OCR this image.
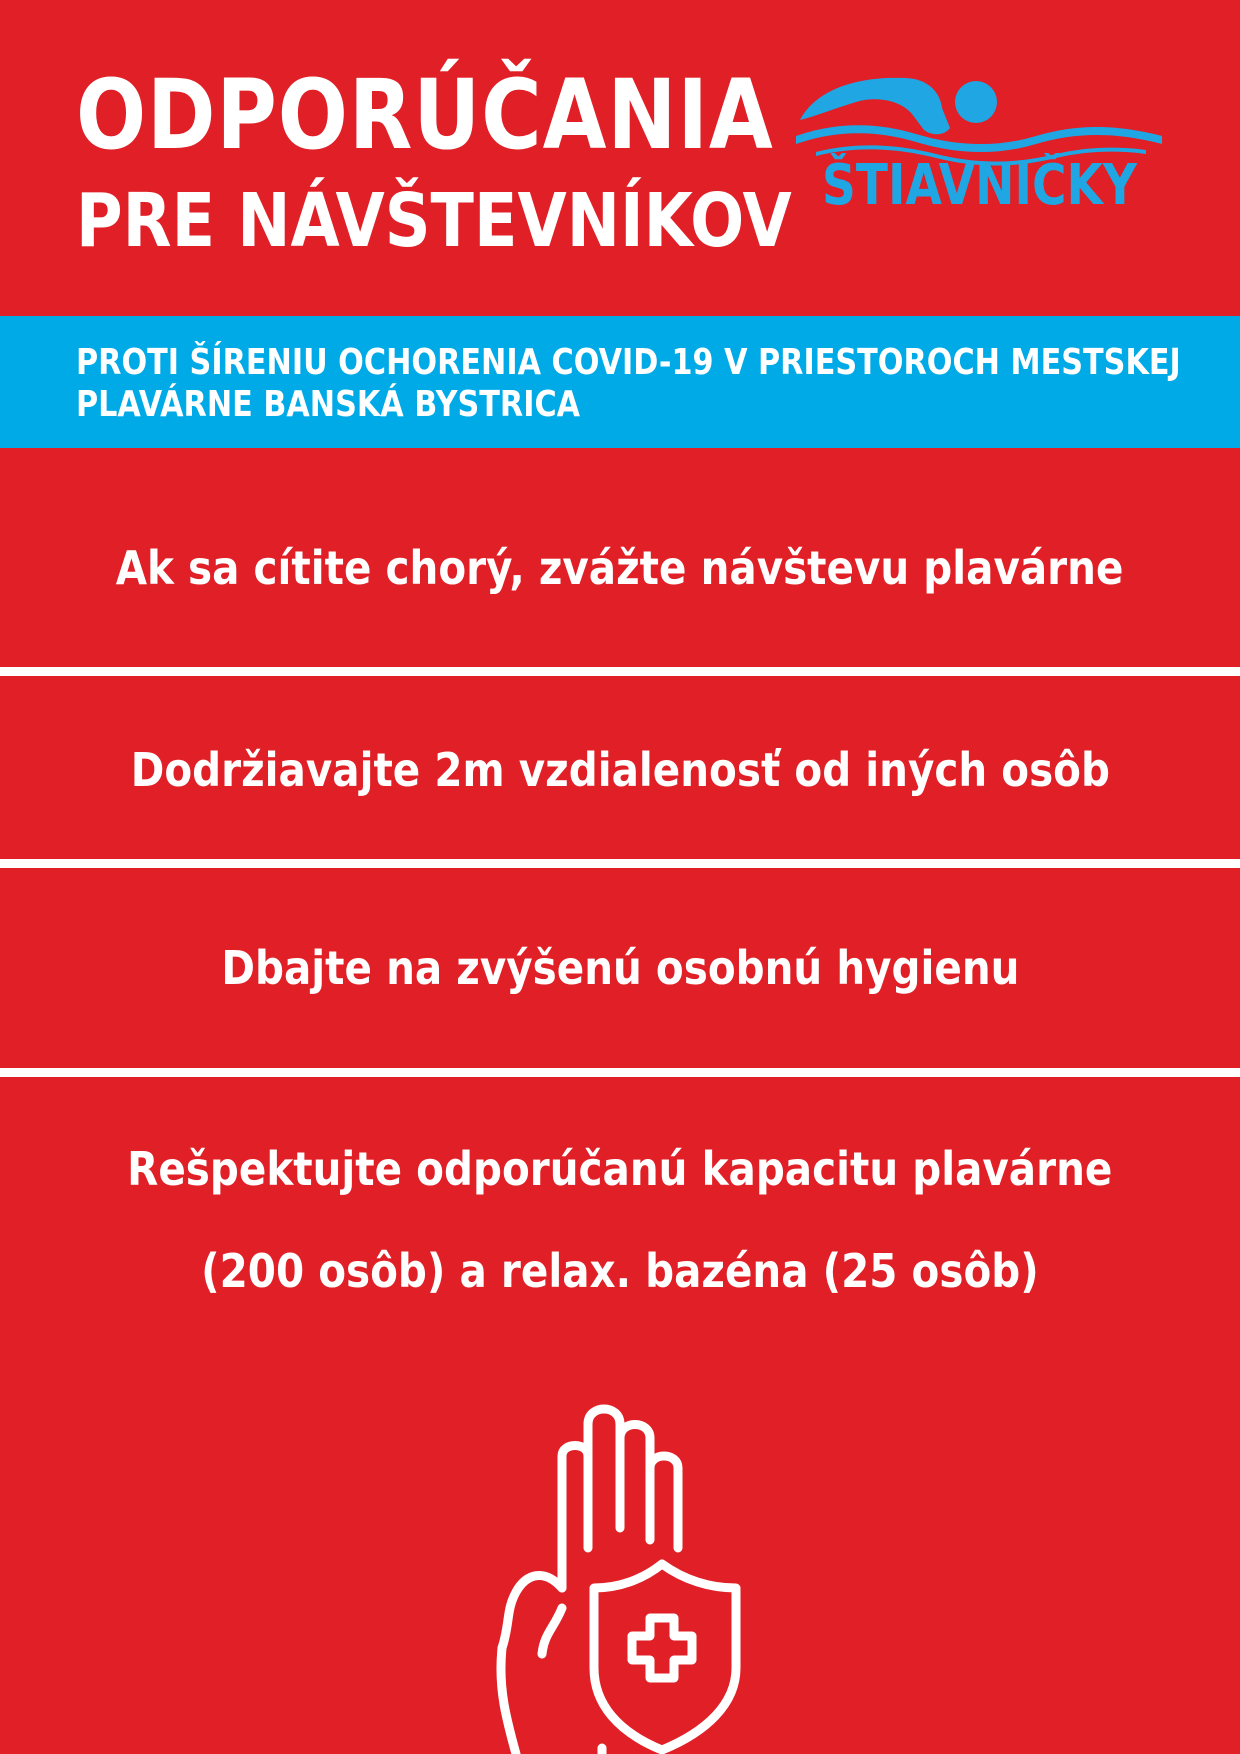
ODPORÚČANIA
PRE NÁVŠTEVNÍKOV ŠTIAVNIČKY
PROTI ŠÍRENIU OCHORENIA COVID-19 V PRIESTOROCH MESTSKEJ
PLAVÁRNE BANSKÁ BYSTRICA
Ak sa cítite chorý, zvážte návštevu plavárne
Dodržiavajte 2m vzdialenosť od iných osôb
Dbajte na zvýšenú osobnú hygienu
Rešpektujte odporúčanú kapacitu plavárne
(200 osôb) a relax. bazéna (25 osôb)
